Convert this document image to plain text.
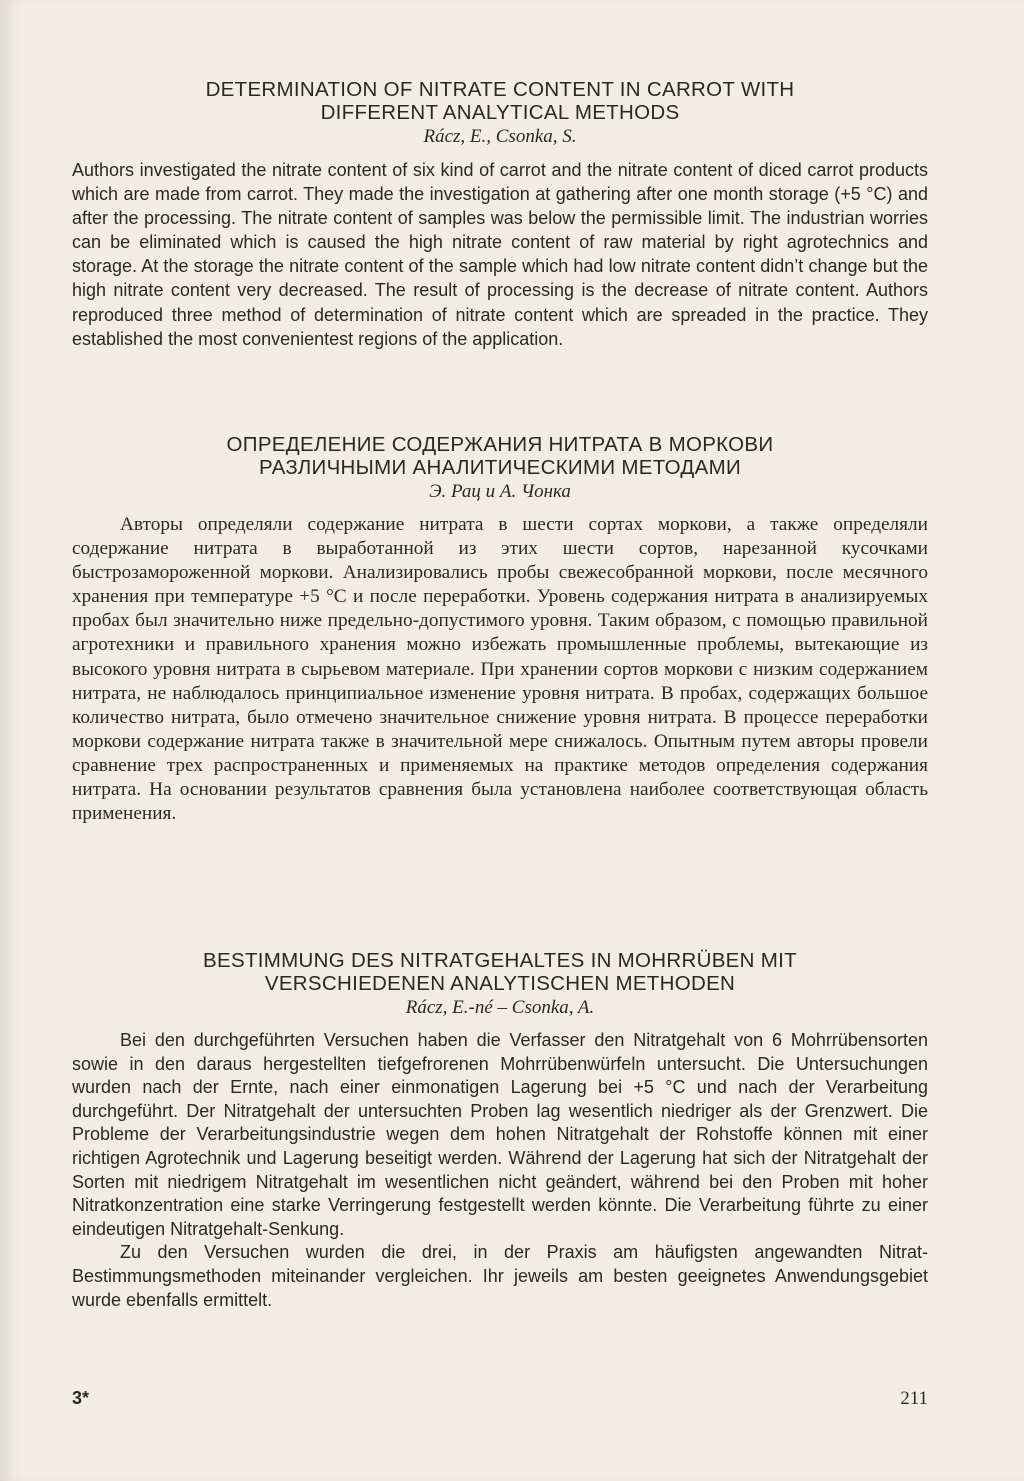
DETERMINATION OF NITRATE CONTENT IN CARROT WITH
DIFFERENT ANALYTICAL METHODS
Rácz, E., Csonka, S.

Authors investigated the nitrate content of six kind of carrot and the nitrate content of diced carrot products which are made from carrot. They made the investigation at gathering after one month storage (+5 °C) and after the processing. The nitrate content of samples was below the permissible limit. The industrian worries can be eliminated which is caused the high nitrate content of raw material by right agrotechnics and storage. At the storage the nitrate content of the sample which had low nitrate content didn’t change but the high nitrate content very decreased. The result of processing is the decrease of nitrate content. Authors reproduced three method of determination of nitrate content which are spreaded in the practice. They established the most convenientest regions of the application.

ОПРЕДЕЛЕНИЕ СОДЕРЖАНИЯ НИТРАТА В МОРКОВИ
РАЗЛИЧНЫМИ АНАЛИТИЧЕСКИМИ МЕТОДАМИ
Э. Рац и А. Чонка

Авторы определяли содержание нитрата в шести сортах моркови, а также определяли содержание нитрата в выработанной из этих шести сортов, нарезанной кусочками быстрозамороженной моркови. Анализировались пробы свежесобранной моркови, после месячного хранения при температуре +5 °С и после переработки. Уровень содержания нитрата в анализируемых пробах был значительно ниже предельно-допустимого уровня. Таким образом, с помощью правильной агротехники и правильного хранения можно избежать промышленные проблемы, вытекающие из высокого уровня нитрата в сырьевом материале. При хранении сортов моркови с низким содержанием нитрата, не наблюдалось принципиальное изменение уровня нитрата. В пробах, содержащих большое количество нитрата, было отмечено значительное снижение уровня нитрата. В процессе переработки моркови содержание нитрата также в значительной мере снижалось. Опытным путем авторы провели сравнение трех распространенных и применяемых на практике методов определения содержания нитрата. На основании результатов сравнения была установлена наиболее соответствующая область применения.

BESTIMMUNG DES NITRATGEHALTES IN MOHRRÜBEN MIT
VERSCHIEDENEN ANALYTISCHEN METHODEN
Rácz, E.-né – Csonka, A.

Bei den durchgeführten Versuchen haben die Verfasser den Nitratgehalt von 6 Mohrrübensorten sowie in den daraus hergestellten tiefgefrorenen Mohrrübenwürfeln untersucht. Die Untersuchungen wurden nach der Ernte, nach einer einmonatigen Lagerung bei +5 °C und nach der Verarbeitung durchgeführt. Der Nitratgehalt der untersuchten Proben lag wesentlich niedriger als der Grenzwert. Die Probleme der Verarbeitungsindustrie wegen dem hohen Nitratgehalt der Rohstoffe können mit einer richtigen Agrotechnik und Lagerung beseitigt werden. Während der Lagerung hat sich der Nitratgehalt der Sorten mit niedrigem Nitratgehalt im wesentlichen nicht geändert, während bei den Proben mit hoher Nitratkonzentration eine starke Verringerung festgestellt werden könnte. Die Verarbeitung führte zu einer eindeutigen Nitratgehalt-Senkung.

Zu den Versuchen wurden die drei, in der Praxis am häufigsten angewandten Nitrat-Bestimmungsmethoden miteinander vergleichen. Ihr jeweils am besten geeignetes Anwendungsgebiet wurde ebenfalls ermittelt.

3*	211
